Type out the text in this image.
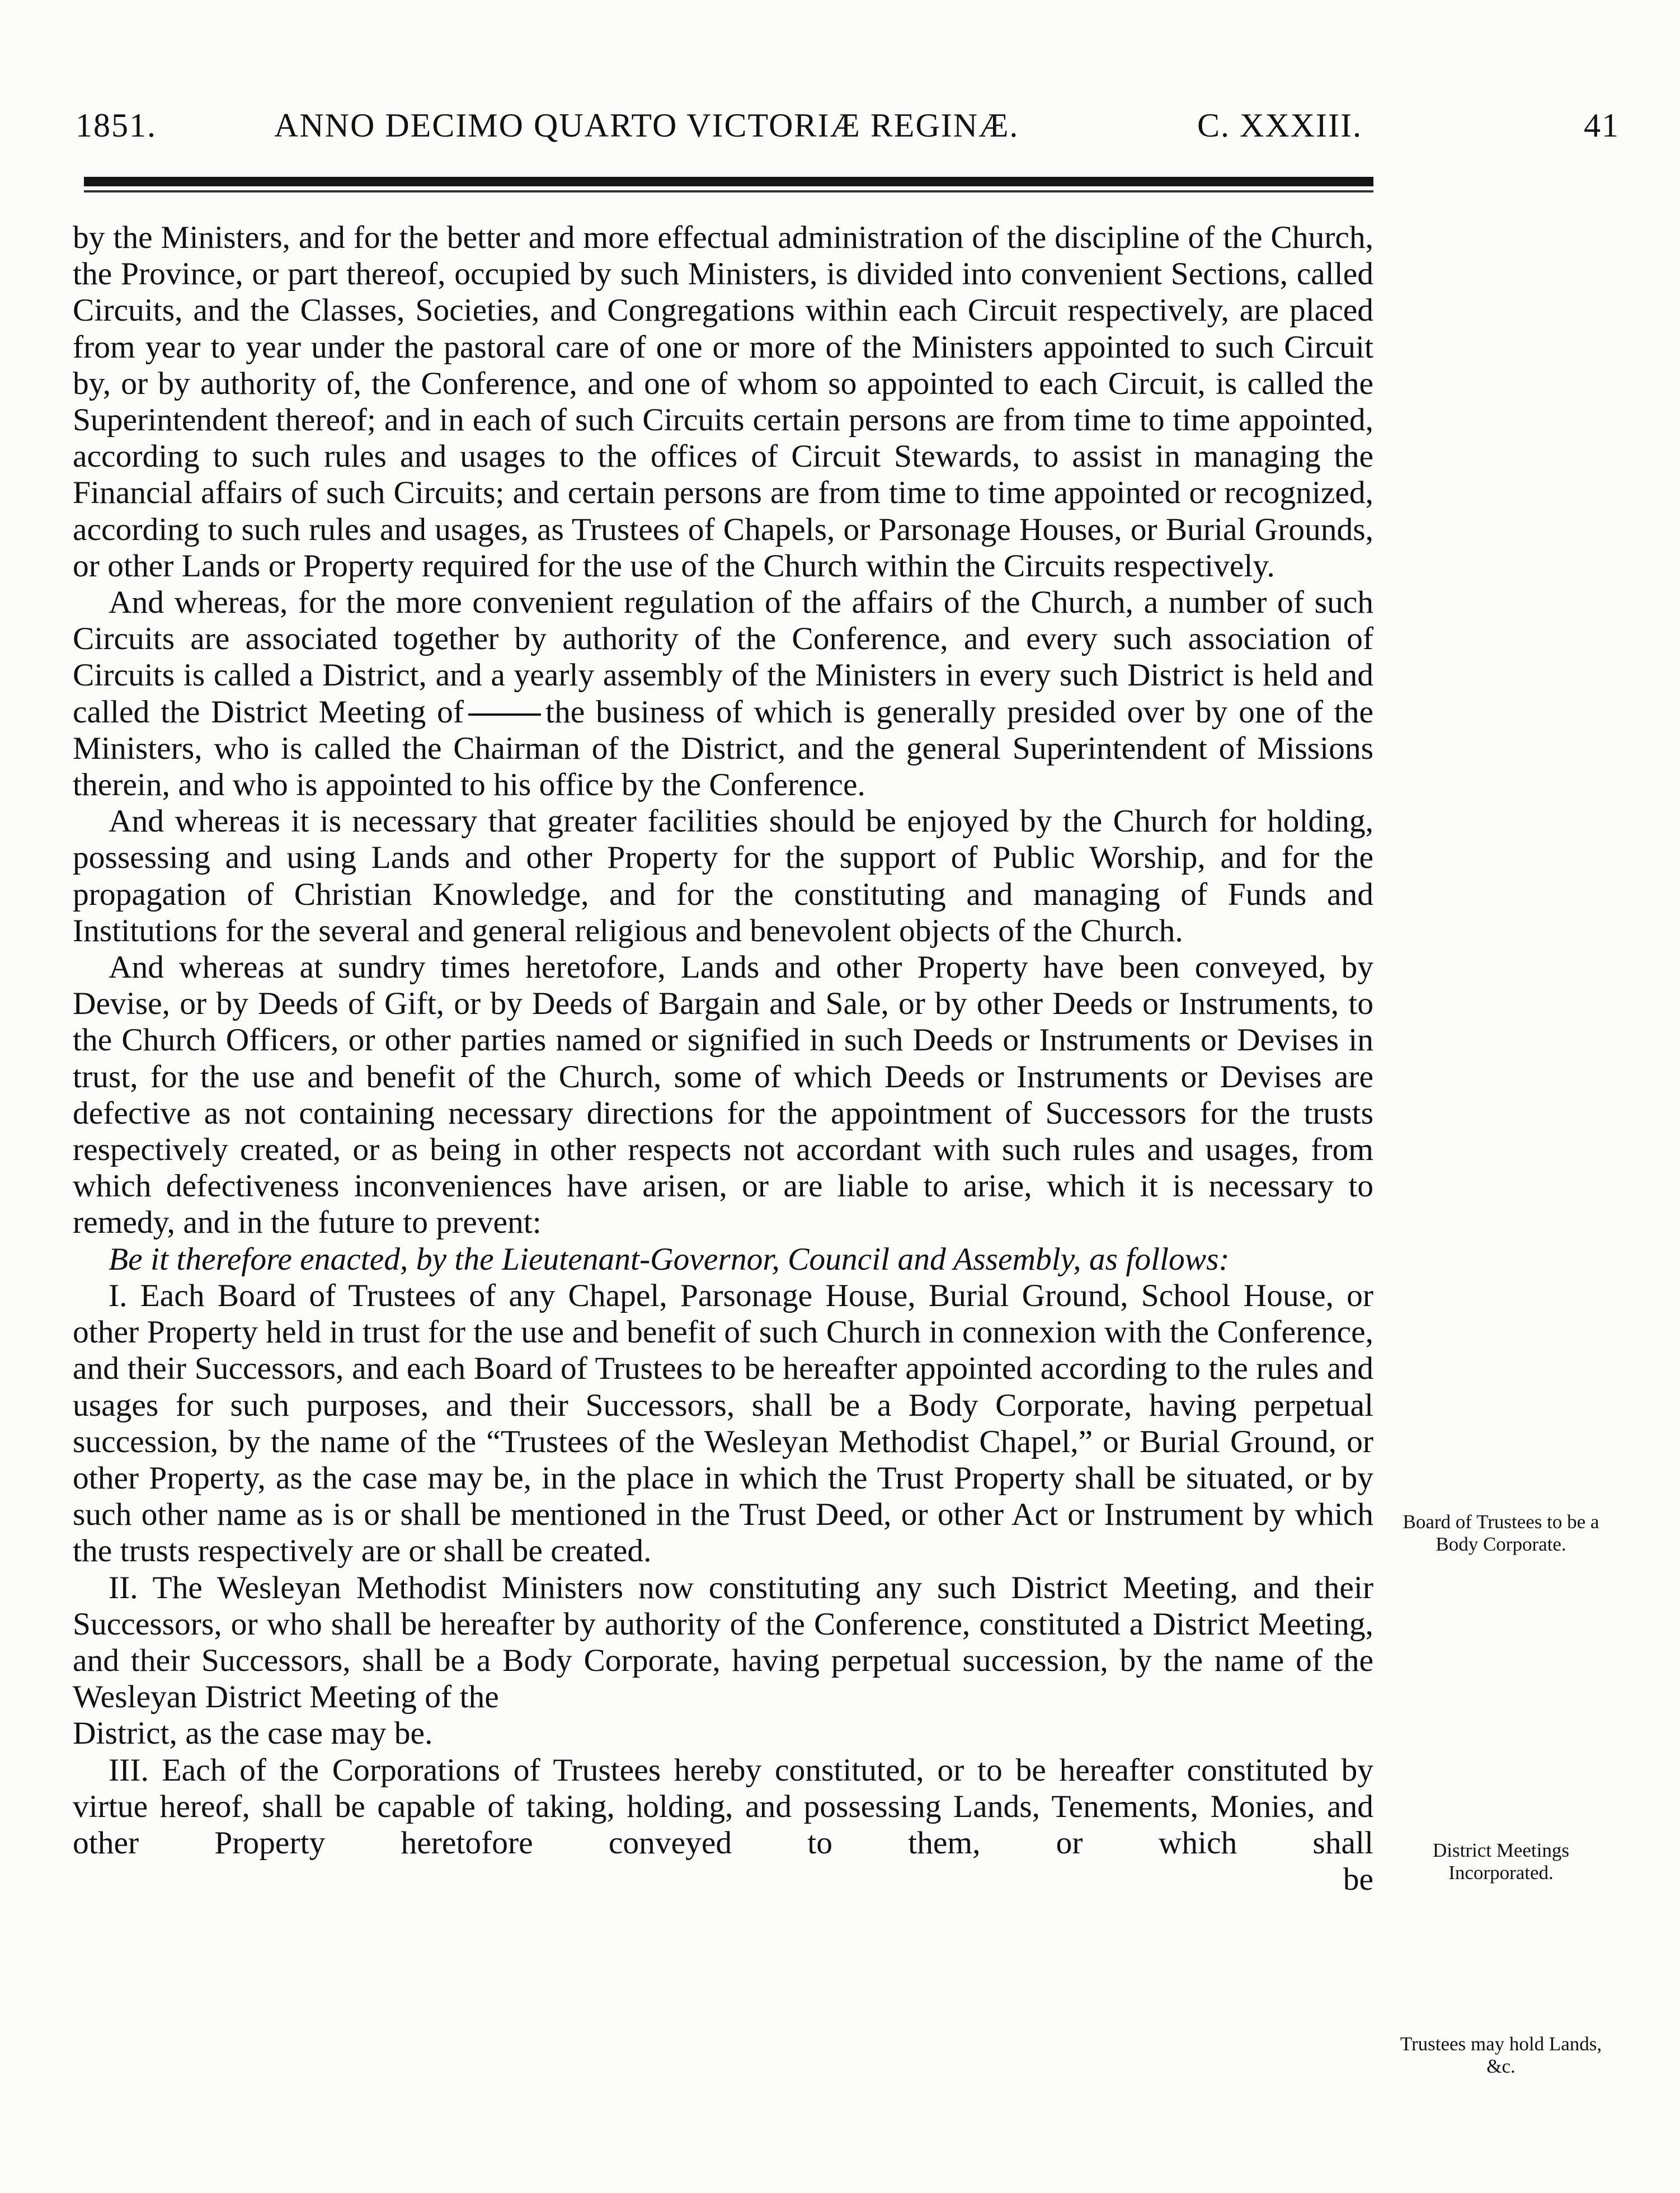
1851.	ANNO DECIMO QUARTO VICTORIÆ REGINÆ.	C. XXXIII.	41

by the Ministers, and for the better and more effectual administration of the discipline of the Church, the Province, or part thereof, occupied by such Ministers, is divided into convenient Sections, called Circuits, and the Classes, Societies, and Congregations within each Circuit respectively, are placed from year to year under the pastoral care of one or more of the Ministers appointed to such Circuit by, or by authority of, the Conference, and one of whom so appointed to each Circuit, is called the Superintendent thereof; and in each of such Circuits certain persons are from time to time appointed, according to such rules and usages to the offices of Circuit Stewards, to assist in managing the Financial affairs of such Circuits; and certain persons are from time to time appointed or recognized, according to such rules and usages, as Trustees of Chapels, or Parsonage Houses, or Burial Grounds, or other Lands or Property required for the use of the Church within the Circuits respectively.

And whereas, for the more convenient regulation of the affairs of the Church, a number of such Circuits are associated together by authority of the Conference, and every such association of Circuits is called a District, and a yearly assembly of the Ministers in every such District is held and called the District Meeting of	the business of which is generally presided over by one of the Ministers, who is called the Chairman of the District, and the general Superintendent of Missions therein, and who is appointed to his office by the Conference.

And whereas it is necessary that greater facilities should be enjoyed by the Church for holding, possessing and using Lands and other Property for the support of Public Worship, and for the propagation of Christian Knowledge, and for the constituting and managing of Funds and Institutions for the several and general religious and benevolent objects of the Church.

And whereas at sundry times heretofore, Lands and other Property have been conveyed, by Devise, or by Deeds of Gift, or by Deeds of Bargain and Sale, or by other Deeds or Instruments, to the Church Officers, or other parties named or signified in such Deeds or Instruments or Devises in trust, for the use and benefit of the Church, some of which Deeds or Instruments or Devises are defective as not containing necessary directions for the appointment of Successors for the trusts respectively created, or as being in other respects not accordant with such rules and usages, from which defectiveness inconveniences have arisen, or are liable to arise, which it is necessary to remedy, and in the future to prevent:

Be it therefore enacted, by the Lieutenant-Governor, Council and Assembly, as follows:

I. Each Board of Trustees of any Chapel, Parsonage House, Burial Ground, School House, or other Property held in trust for the use and benefit of such Church in connexion with the Conference, and their Successors, and each Board of Trustees to be hereafter appointed according to the rules and usages for such purposes, and their Successors, shall be a Body Corporate, having perpetual succession, by the name of the “Trustees of the Wesleyan Methodist Chapel,” or Burial Ground, or other Property, as the case may be, in the place in which the Trust Property shall be situated, or by such other name as is or shall be mentioned in the Trust Deed, or other Act or Instrument by which the trusts respectively are or shall be created.

II. The Wesleyan Methodist Ministers now constituting any such District Meeting, and their Successors, or who shall be hereafter by authority of the Conference, constituted a District Meeting, and their Successors, shall be a Body Corporate, having perpetual succession, by the name of the Wesleyan District Meeting of the

District, as the case may be.

III. Each of the Corporations of Trustees hereby constituted, or to be hereafter constituted by virtue hereof, shall be capable of taking, holding, and possessing Lands, Tenements, Monies, and other Property heretofore conveyed to them, or which shall

be

Board of Trustees to be a Body Corporate.
District Meetings Incorporated.
Trustees may hold Lands, &c.
